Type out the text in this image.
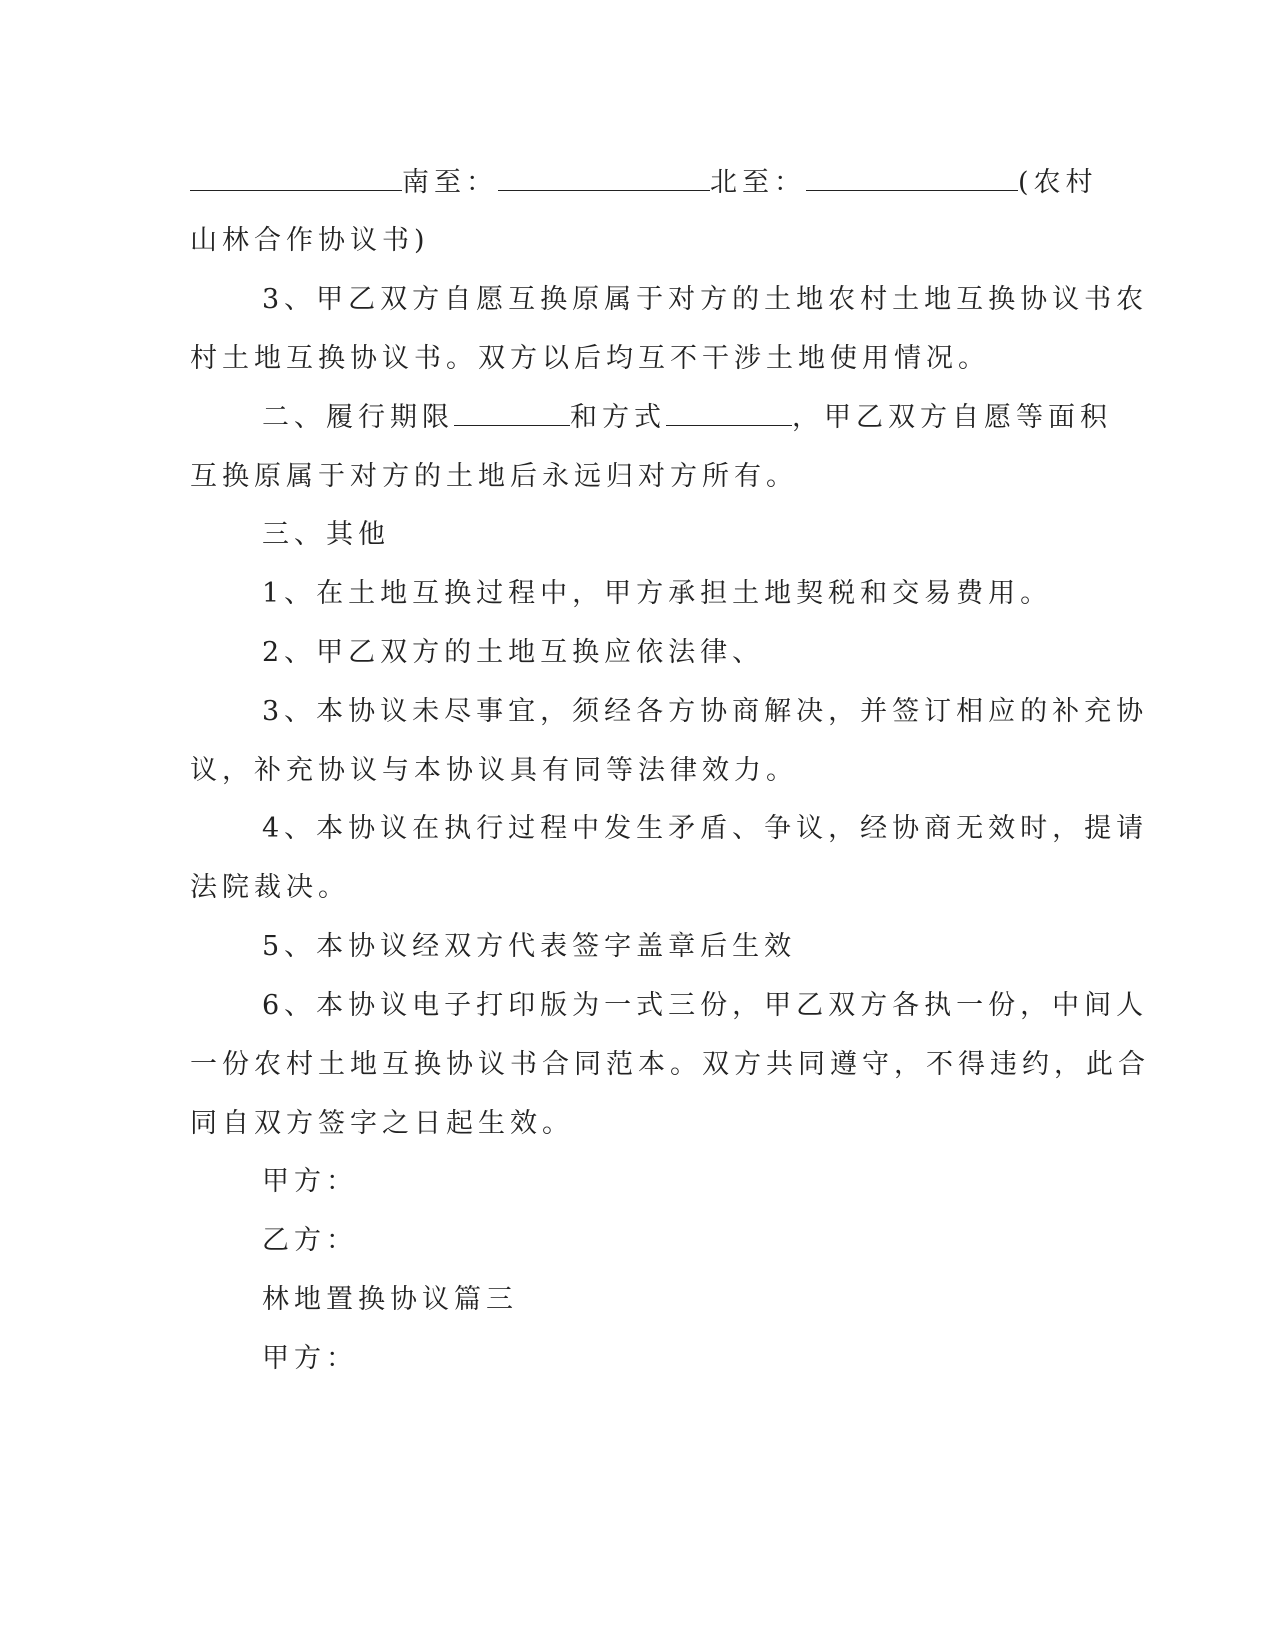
南至：	北至：	(农村
山林合作协议书)
3、甲乙双方自愿互换原属于对方的土地农村土地互换协议书农
村土地互换协议书。双方以后均互不干涉土地使用情况。
二、履行期限	和方式	，甲乙双方自愿等面积
互换原属于对方的土地后永远归对方所有。
三、其他
1、在土地互换过程中，甲方承担土地契税和交易费用。
2、甲乙双方的土地互换应依法律、
3、本协议未尽事宜，须经各方协商解决，并签订相应的补充协
议，补充协议与本协议具有同等法律效力。
4、本协议在执行过程中发生矛盾、争议，经协商无效时，提请
法院裁决。
5、本协议经双方代表签字盖章后生效
6、本协议电子打印版为一式三份，甲乙双方各执一份，中间人
一份农村土地互换协议书合同范本。双方共同遵守，不得违约，此合
同自双方签字之日起生效。
甲方：
乙方：
林地置换协议篇三
甲方：
